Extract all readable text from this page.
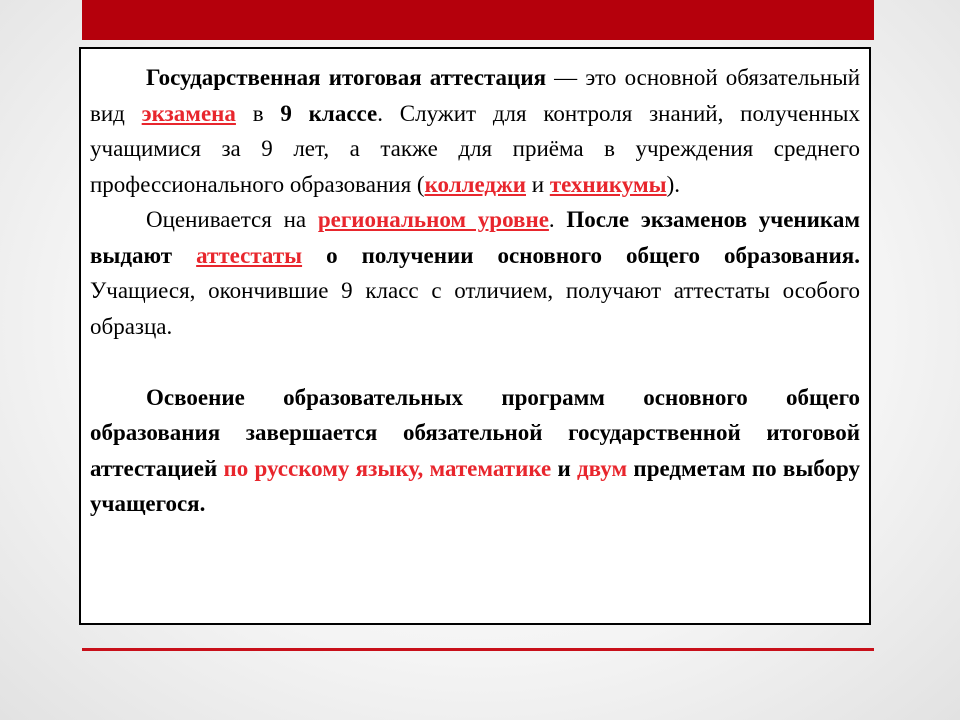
Государственная итоговая аттестация — это основной обязательный вид экзамена в 9 классе. Служит для контроля знаний, полученных учащимися за 9 лет, а также для приёма в учреждения среднего профессионального образования (колледжи и техникумы).

Оценивается на региональном уровне. После экзаменов ученикам выдают аттестаты о получении основного общего образования. Учащиеся, окончившие 9 класс с отличием, получают аттестаты особого образца.

Освоение образовательных программ основного общего образования завершается обязательной государственной итоговой аттестацией по русскому языку, математике и двум предметам по выбору учащегося.
